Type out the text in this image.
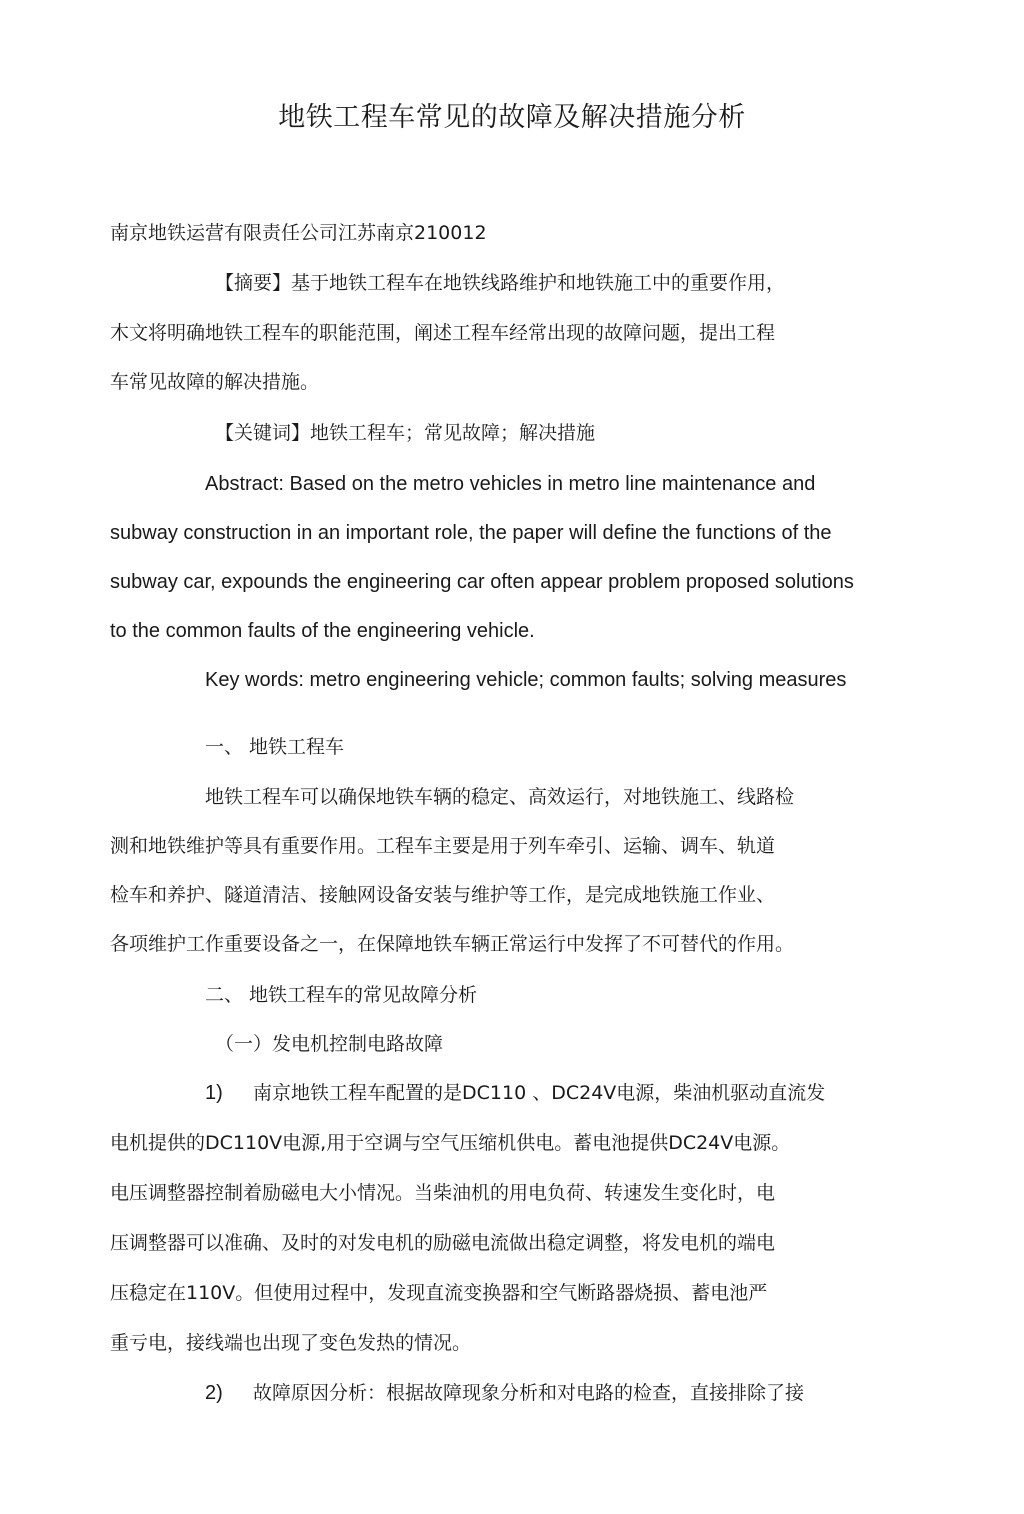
地铁工程车常见的故障及解决措施分析

南京地铁运营有限责任公司江苏南京210012

【摘要】基于地铁工程车在地铁线路维护和地铁施工中的重要作用，

木文将明确地铁工程车的职能范围，阐述工程车经常出现的故障问题，提出工程

车常见故障的解决措施。

【关键词】地铁工程车；常见故障；解决措施

Abstract: Based on the metro vehicles in metro line maintenance and

subway construction in an important role, the paper will define the functions of the

subway car, expounds the engineering car often appear problem proposed solutions

to the common faults of the engineering vehicle.

Key words: metro engineering vehicle; common faults; solving measures

一、 地铁工程车

地铁工程车可以确保地铁车辆的稳定、高效运行，对地铁施工、线路检

测和地铁维护等具有重要作用。工程车主要是用于列车牵引、运输、调车、轨道

检车和养护、隧道清洁、接触网设备安装与维护等工作，是完成地铁施工作业、

各项维护工作重要设备之一，在保障地铁车辆正常运行中发挥了不可替代的作用。

二、 地铁工程车的常见故障分析

（一）发电机控制电路故障

1) 南京地铁工程车配置的是DC110 、DC24V电源，柴油机驱动直流发

电机提供的DC110V电源,用于空调与空气压缩机供电。蓄电池提供DC24V电源。

电压调整器控制着励磁电大小情况。当柴油机的用电负荷、转速发生变化时，电

压调整器可以准确、及时的对发电机的励磁电流做出稳定调整，将发电机的端电

压稳定在110V。但使用过程中，发现直流变换器和空气断路器烧损、蓄电池严

重亏电，接线端也出现了变色发热的情况。

2) 故障原因分析：根据故障现象分析和对电路的检查，直接排除了接
